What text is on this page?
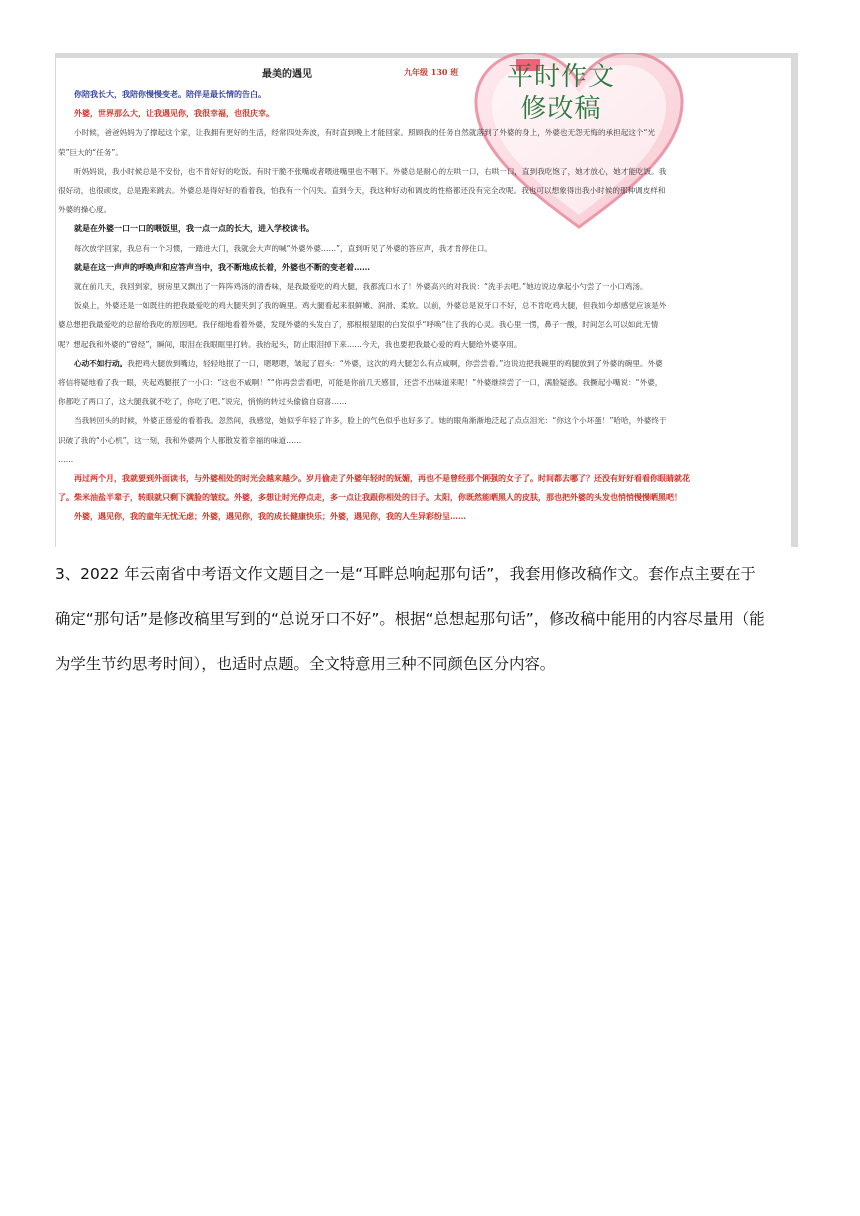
最美的遇见	九年级 130 班	平时作文
修改稿

你陪我长大，我陪你慢慢变老。陪伴是最长情的告白。

外婆，世界那么大，让我遇见你，我很幸福，也很庆幸。

小时候，爸爸妈妈为了撑起这个家，让我拥有更好的生活，经常四处奔波，有时直到晚上才能回家。照顾我的任务自然就落到了外婆的身上，外婆也无怨无悔的承担起这个“光

荣”巨大的“任务”。

听妈妈说，我小时候总是不安份，也不肯好好的吃饭。有时干脆不张嘴或者喂进嘴里也不咽下。外婆总是耐心的左哄一口，右哄一口，直到我吃饱了，她才放心，她才能吃饭。我

很好动，也很顽皮，总是跑来跳去。外婆总是得好好的看着我，怕我有一个闪失。直到今天，我这种好动和调皮的性格都还没有完全改呢。我也可以想象得出我小时候的那种调皮样和

外婆的操心度。

就是在外婆一口一口的喂饭里，我一点一点的长大，进入学校读书。

每次放学回家，我总有一个习惯，一踏进大门，我就会大声的喊“外婆外婆……”，直到听见了外婆的答应声，我才肯停住口。

就是在这一声声的呼唤声和应答声当中，我不断地成长着，外婆也不断的变老着……

就在前几天，我回到家，厨房里又飘出了一阵阵鸡汤的清香味，是我最爱吃的鸡大腿，我都流口水了！外婆高兴的对我说：“洗手去吧。”她边说边拿起小勺尝了一小口鸡汤。

饭桌上，外婆还是一如既往的把我最爱吃的鸡大腿夹到了我的碗里。鸡大腿看起来很鲜嫩、润滑、柔软。以前，外婆总是说牙口不好，总不肯吃鸡大腿，但我如今却感觉应该是外

婆总想把我最爱吃的总留给我吃的原因吧。我仔细地看着外婆，发现外婆的头发白了，那根根显眼的白发似乎“呼唤”住了我的心灵。我心里一愣，鼻子一酸，时间怎么可以如此无情

呢？想起我和外婆的“曾经”，瞬间，眼泪在我眼眶里打转。我抬起头，防止眼泪掉下来……今天，我也要把我最心爱的鸡大腿给外婆享用。

心动不如行动。我把鸡大腿放到嘴边，轻轻地抿了一口，嗯嗯嗯，皱起了眉头：“外婆，这次的鸡大腿怎么有点咸啊，你尝尝看。”边说边把我碗里的鸡腿放到了外婆的碗里。外婆

将信将疑地看了我一眼，夹起鸡腿抿了一小口：“这也不咸啊！”“你再尝尝看吧，可能是你前几天感冒，还尝不出味道来呢！”外婆继续尝了一口，满脸疑惑。我撅起小嘴说：“外婆，

你都吃了两口了，这大腿我就不吃了，你吃了吧。”说完，悄悄的转过头偷偷自窃喜……

当我转回头的时候，外婆正慈爱的看着我。忽然间，我感觉，她似乎年轻了许多，脸上的气色似乎也好多了。她的眼角渐渐地泛起了点点泪光：“你这个小坏蛋！”哈哈，外婆终于

识破了我的“小心机”，这一刻，我和外婆两个人都散发着幸福的味道……

……

再过两个月，我就要到外面读书，与外婆相处的时光会越来越少。岁月偷走了外婆年轻时的妩媚，再也不是曾经那个俐强的女子了。时间都去哪了？还没有好好看看你眼睛就花

了。柴米油盐半辈子，转眼就只剩下满脸的皱纹。外婆，多想让时光停点走，多一点让我跟你相处的日子。太阳，你既然能晒黑人的皮肤，那也把外婆的头发也悄悄慢慢晒黑吧！

外婆，遇见你，我的童年无忧无虑；外婆，遇见你，我的成长健康快乐；外婆，遇见你，我的人生异彩纷呈……

3、2022 年云南省中考语文作文题目之一是“耳畔总响起那句话”，我套用修改稿作文。套作点主要在于

确定“那句话”是修改稿里写到的“总说牙口不好”。根据“总想起那句话”，修改稿中能用的内容尽量用（能

为学生节约思考时间），也适时点题。全文特意用三种不同颜色区分内容。
